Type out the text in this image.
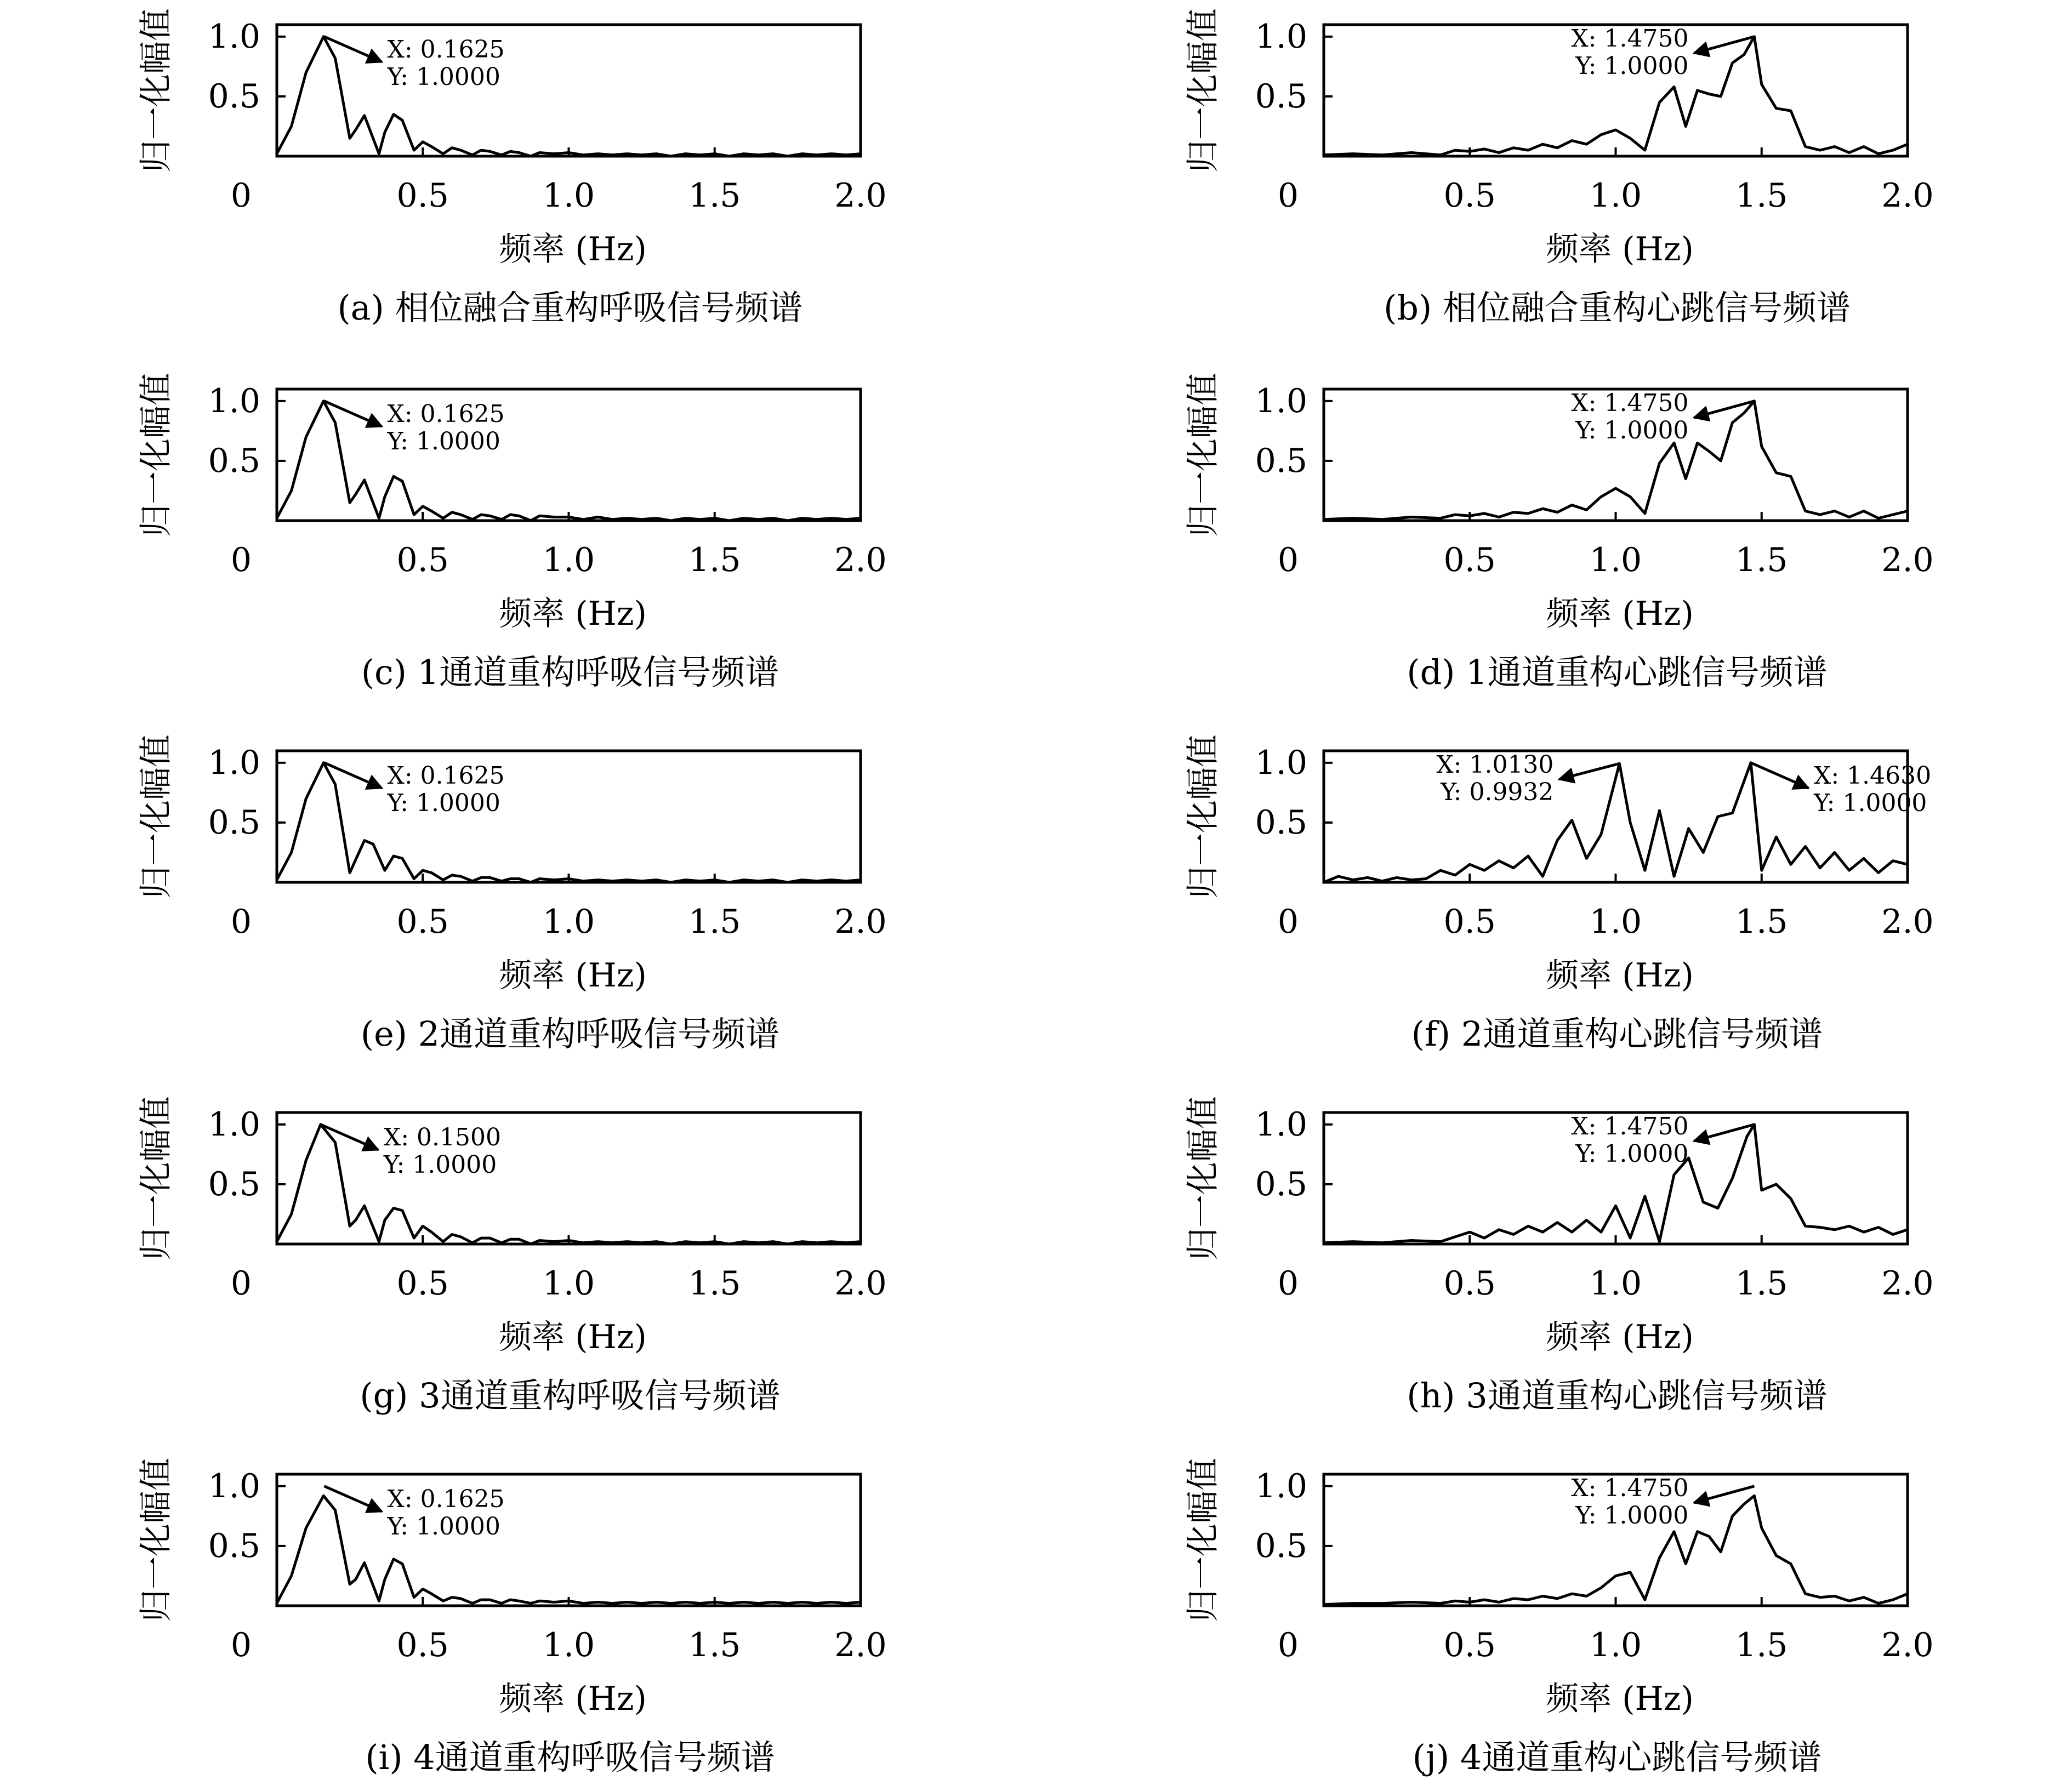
0.5
1.0
0	0.5	1.0	1.5	2.0
归一化幅值
频率 (Hz)
(a) 相位融合重构呼吸信号频谱
X: 0.1625
Y: 1.0000
0.5
1.0
0	0.5	1.0	1.5	2.0
归一化幅值
频率 (Hz)
(b) 相位融合重构心跳信号频谱
X: 1.4750
Y: 1.0000
0.5
1.0
0	0.5	1.0	1.5	2.0
归一化幅值
频率 (Hz)
(c) 1通道重构呼吸信号频谱
X: 0.1625
Y: 1.0000
0.5
1.0
0	0.5	1.0	1.5	2.0
归一化幅值
频率 (Hz)
(d) 1通道重构心跳信号频谱
X: 1.4750
Y: 1.0000
0.5
1.0
0	0.5	1.0	1.5	2.0
归一化幅值
频率 (Hz)
(e) 2通道重构呼吸信号频谱
X: 0.1625
Y: 1.0000
0.5
1.0
0	0.5	1.0	1.5	2.0
归一化幅值
频率 (Hz)
(f) 2通道重构心跳信号频谱
X: 1.0130
Y: 0.9932
X: 1.4630
Y: 1.0000
0.5
1.0
0	0.5	1.0	1.5	2.0
归一化幅值
频率 (Hz)
(g) 3通道重构呼吸信号频谱
X: 0.1500
Y: 1.0000
0.5
1.0
0	0.5	1.0	1.5	2.0
归一化幅值
频率 (Hz)
(h) 3通道重构心跳信号频谱
X: 1.4750
Y: 1.0000
0.5
1.0
0	0.5	1.0	1.5	2.0
归一化幅值
频率 (Hz)
(i) 4通道重构呼吸信号频谱
X: 0.1625
Y: 1.0000
0.5
1.0
0	0.5	1.0	1.5	2.0
归一化幅值
频率 (Hz)
(j) 4通道重构心跳信号频谱
X: 1.4750
Y: 1.0000
